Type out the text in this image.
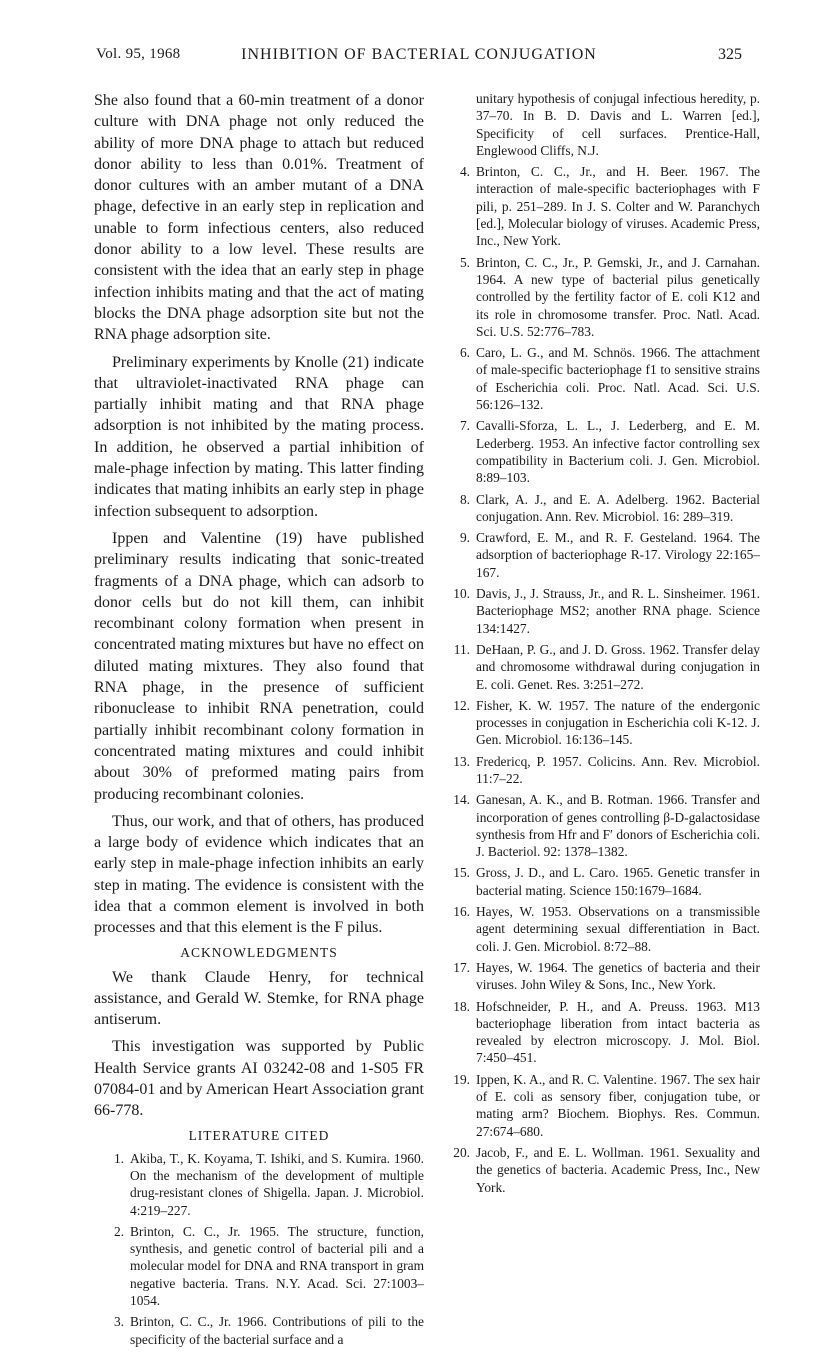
Vol. 95, 1968	INHIBITION OF BACTERIAL CONJUGATION	325

She also found that a 60-min treatment of a donor culture with DNA phage not only reduced the ability of more DNA phage to attach but reduced donor ability to less than 0.01%. Treatment of donor cultures with an amber mutant of a DNA phage, defective in an early step in replication and unable to form infectious centers, also reduced donor ability to a low level. These results are consistent with the idea that an early step in phage infection inhibits mating and that the act of mating blocks the DNA phage adsorption site but not the RNA phage adsorption site.

Preliminary experiments by Knolle (21) indicate that ultraviolet-inactivated RNA phage can partially inhibit mating and that RNA phage adsorption is not inhibited by the mating process. In addition, he observed a partial inhibition of male-phage infection by mating. This latter finding indicates that mating inhibits an early step in phage infection subsequent to adsorption.

Ippen and Valentine (19) have published preliminary results indicating that sonic-treated fragments of a DNA phage, which can adsorb to donor cells but do not kill them, can inhibit recombinant colony formation when present in concentrated mating mixtures but have no effect on diluted mating mixtures. They also found that RNA phage, in the presence of sufficient ribonuclease to inhibit RNA penetration, could partially inhibit recombinant colony formation in concentrated mating mixtures and could inhibit about 30% of preformed mating pairs from producing recombinant colonies.

Thus, our work, and that of others, has produced a large body of evidence which indicates that an early step in male-phage infection inhibits an early step in mating. The evidence is consistent with the idea that a common element is involved in both processes and that this element is the F pilus.

ACKNOWLEDGMENTS

We thank Claude Henry, for technical assistance, and Gerald W. Stemke, for RNA phage antiserum.

This investigation was supported by Public Health Service grants AI 03242-08 and 1-S05 FR 07084-01 and by American Heart Association grant 66-778.

LITERATURE CITED
1. Akiba, T., K. Koyama, T. Ishiki, and S. Kumira. 1960. On the mechanism of the development of multiple drug-resistant clones of Shigella. Japan. J. Microbiol. 4:219–227.
2. Brinton, C. C., Jr. 1965. The structure, function, synthesis, and genetic control of bacterial pili and a molecular model for DNA and RNA transport in gram negative bacteria. Trans. N.Y. Acad. Sci. 27:1003–1054.
3. Brinton, C. C., Jr. 1966. Contributions of pili to the specificity of the bacterial surface and a
unitary hypothesis of conjugal infectious heredity, p. 37–70. In B. D. Davis and L. Warren [ed.], Specificity of cell surfaces. Prentice-Hall, Englewood Cliffs, N.J.
4. Brinton, C. C., Jr., and H. Beer. 1967. The interaction of male-specific bacteriophages with F pili, p. 251–289. In J. S. Colter and W. Paranchych [ed.], Molecular biology of viruses. Academic Press, Inc., New York.
5. Brinton, C. C., Jr., P. Gemski, Jr., and J. Carnahan. 1964. A new type of bacterial pilus genetically controlled by the fertility factor of E. coli K12 and its role in chromosome transfer. Proc. Natl. Acad. Sci. U.S. 52:776–783.
6. Caro, L. G., and M. Schnös. 1966. The attachment of male-specific bacteriophage f1 to sensitive strains of Escherichia coli. Proc. Natl. Acad. Sci. U.S. 56:126–132.
7. Cavalli-Sforza, L. L., J. Lederberg, and E. M. Lederberg. 1953. An infective factor controlling sex compatibility in Bacterium coli. J. Gen. Microbiol. 8:89–103.
8. Clark, A. J., and E. A. Adelberg. 1962. Bacterial conjugation. Ann. Rev. Microbiol. 16: 289–319.
9. Crawford, E. M., and R. F. Gesteland. 1964. The adsorption of bacteriophage R-17. Virology 22:165–167.
10. Davis, J., J. Strauss, Jr., and R. L. Sinsheimer. 1961. Bacteriophage MS2; another RNA phage. Science 134:1427.
11. DeHaan, P. G., and J. D. Gross. 1962. Transfer delay and chromosome withdrawal during conjugation in E. coli. Genet. Res. 3:251–272.
12. Fisher, K. W. 1957. The nature of the endergonic processes in conjugation in Escherichia coli K-12. J. Gen. Microbiol. 16:136–145.
13. Fredericq, P. 1957. Colicins. Ann. Rev. Microbiol. 11:7–22.
14. Ganesan, A. K., and B. Rotman. 1966. Transfer and incorporation of genes controlling β-D-galactosidase synthesis from Hfr and F′ donors of Escherichia coli. J. Bacteriol. 92: 1378–1382.
15. Gross, J. D., and L. Caro. 1965. Genetic transfer in bacterial mating. Science 150:1679–1684.
16. Hayes, W. 1953. Observations on a transmissible agent determining sexual differentiation in Bact. coli. J. Gen. Microbiol. 8:72–88.
17. Hayes, W. 1964. The genetics of bacteria and their viruses. John Wiley & Sons, Inc., New York.
18. Hofschneider, P. H., and A. Preuss. 1963. M13 bacteriophage liberation from intact bacteria as revealed by electron microscopy. J. Mol. Biol. 7:450–451.
19. Ippen, K. A., and R. C. Valentine. 1967. The sex hair of E. coli as sensory fiber, conjugation tube, or mating arm? Biochem. Biophys. Res. Commun. 27:674–680.
20. Jacob, F., and E. L. Wollman. 1961. Sexuality and the genetics of bacteria. Academic Press, Inc., New York.
